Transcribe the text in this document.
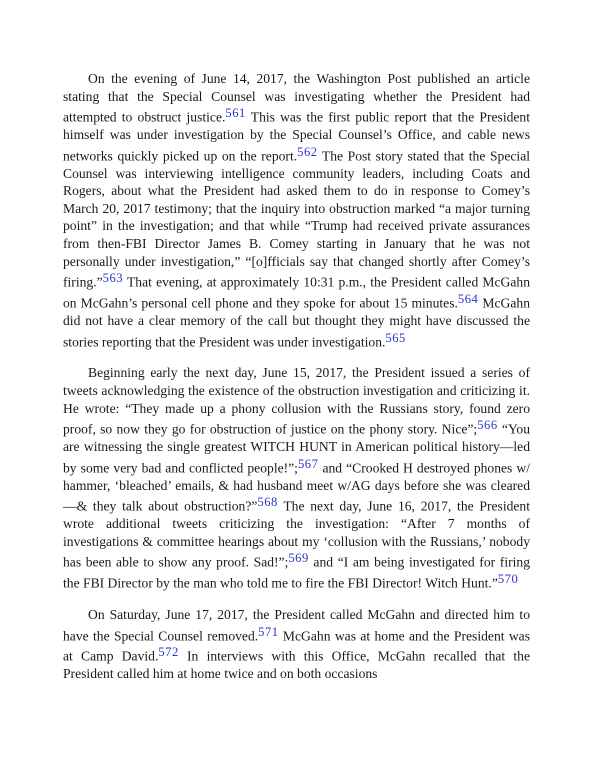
On the evening of June 14, 2017, the Washington Post published an article stating that the Special Counsel was investigating whether the President had attempted to obstruct justice.$^{561}$ This was the first public report that the President himself was under investigation by the Special Counsel’s Office, and cable news networks quickly picked up on the report.$^{562}$ The Post story stated that the Special Counsel was interviewing intelligence community leaders, including Coats and Rogers, about what the President had asked them to do in response to Comey’s March 20, 2017 testimony; that the inquiry into obstruction marked “a major turning point” in the investigation; and that while “Trump had received private assurances from then-FBI Director James B. Comey starting in January that he was not personally under investigation,” “[o]fficials say that changed shortly after Comey’s firing.”$^{563}$ That evening, at approximately 10:31 p.m., the President called McGahn on McGahn’s personal cell phone and they spoke for about 15 minutes.$^{564}$ McGahn did not have a clear memory of the call but thought they might have discussed the stories reporting that the President was under investigation.$^{565}$

Beginning early the next day, June 15, 2017, the President issued a series of tweets acknowledging the existence of the obstruction investigation and criticizing it. He wrote: “They made up a phony collusion with the Russians story, found zero proof, so now they go for obstruction of justice on the phony story. Nice”;$^{566}$ “You are witnessing the single greatest WITCH HUNT in American political history—led by some very bad and conflicted people!”;$^{567}$ and “Crooked H destroyed phones w/ hammer, ‘bleached’ emails, & had husband meet w/AG days before she was cleared—& they talk about obstruction?”$^{568}$ The next day, June 16, 2017, the President wrote additional tweets criticizing the investigation: “After 7 months of investigations & committee hearings about my ‘collusion with the Russians,’ nobody has been able to show any proof. Sad!”;$^{569}$ and “I am being investigated for firing the FBI Director by the man who told me to fire the FBI Director! Witch Hunt.”$^{570}$

On Saturday, June 17, 2017, the President called McGahn and directed him to have the Special Counsel removed.$^{571}$ McGahn was at home and the President was at Camp David.$^{572}$ In interviews with this Office, McGahn recalled that the President called him at home twice and on both occasions
